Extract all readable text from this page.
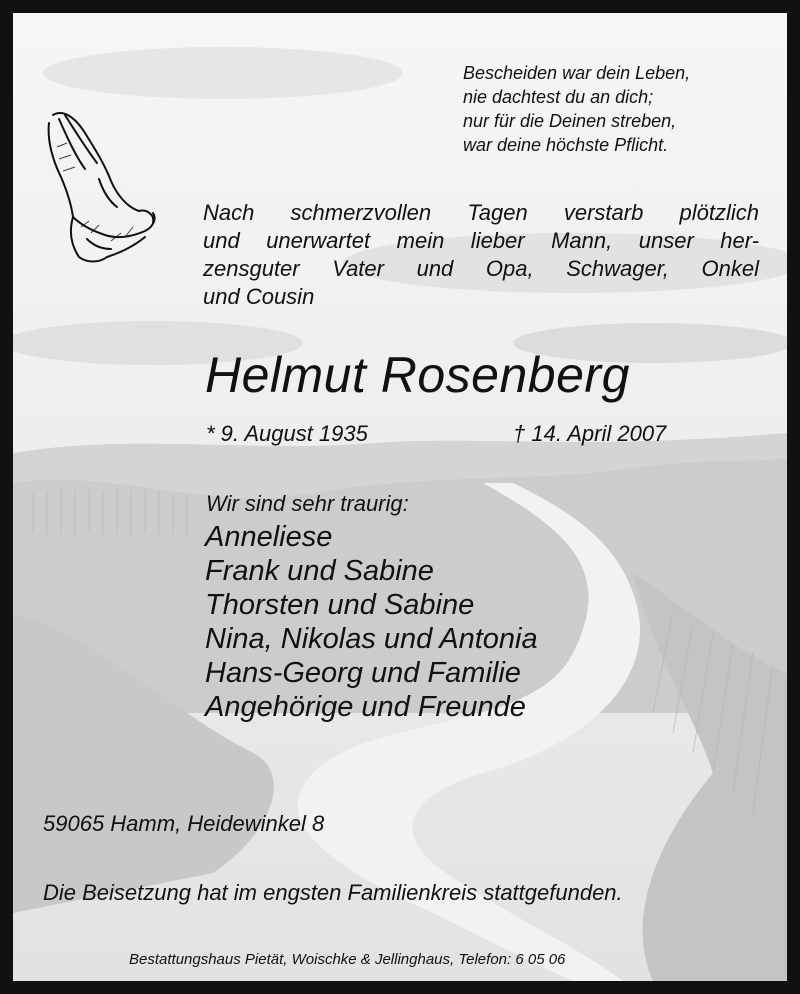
Bescheiden war dein Leben,
nie dachtest du an dich;
nur für die Deinen streben,
war deine höchste Pflicht.
Nach schmerzvollen Tagen verstarb plötzlich
und unerwartet mein lieber Mann, unser her-
zensguter Vater und Opa, Schwager, Onkel
und Cousin
Helmut Rosenberg
* 9. August 1935	† 14. April 2007
Wir sind sehr traurig:
Anneliese
Frank und Sabine
Thorsten und Sabine
Nina, Nikolas und Antonia
Hans-Georg und Familie
Angehörige und Freunde
59065 Hamm, Heidewinkel 8
Die Beisetzung hat im engsten Familienkreis stattgefunden.
Bestattungshaus Pietät, Woischke & Jellinghaus, Telefon: 6 05 06
